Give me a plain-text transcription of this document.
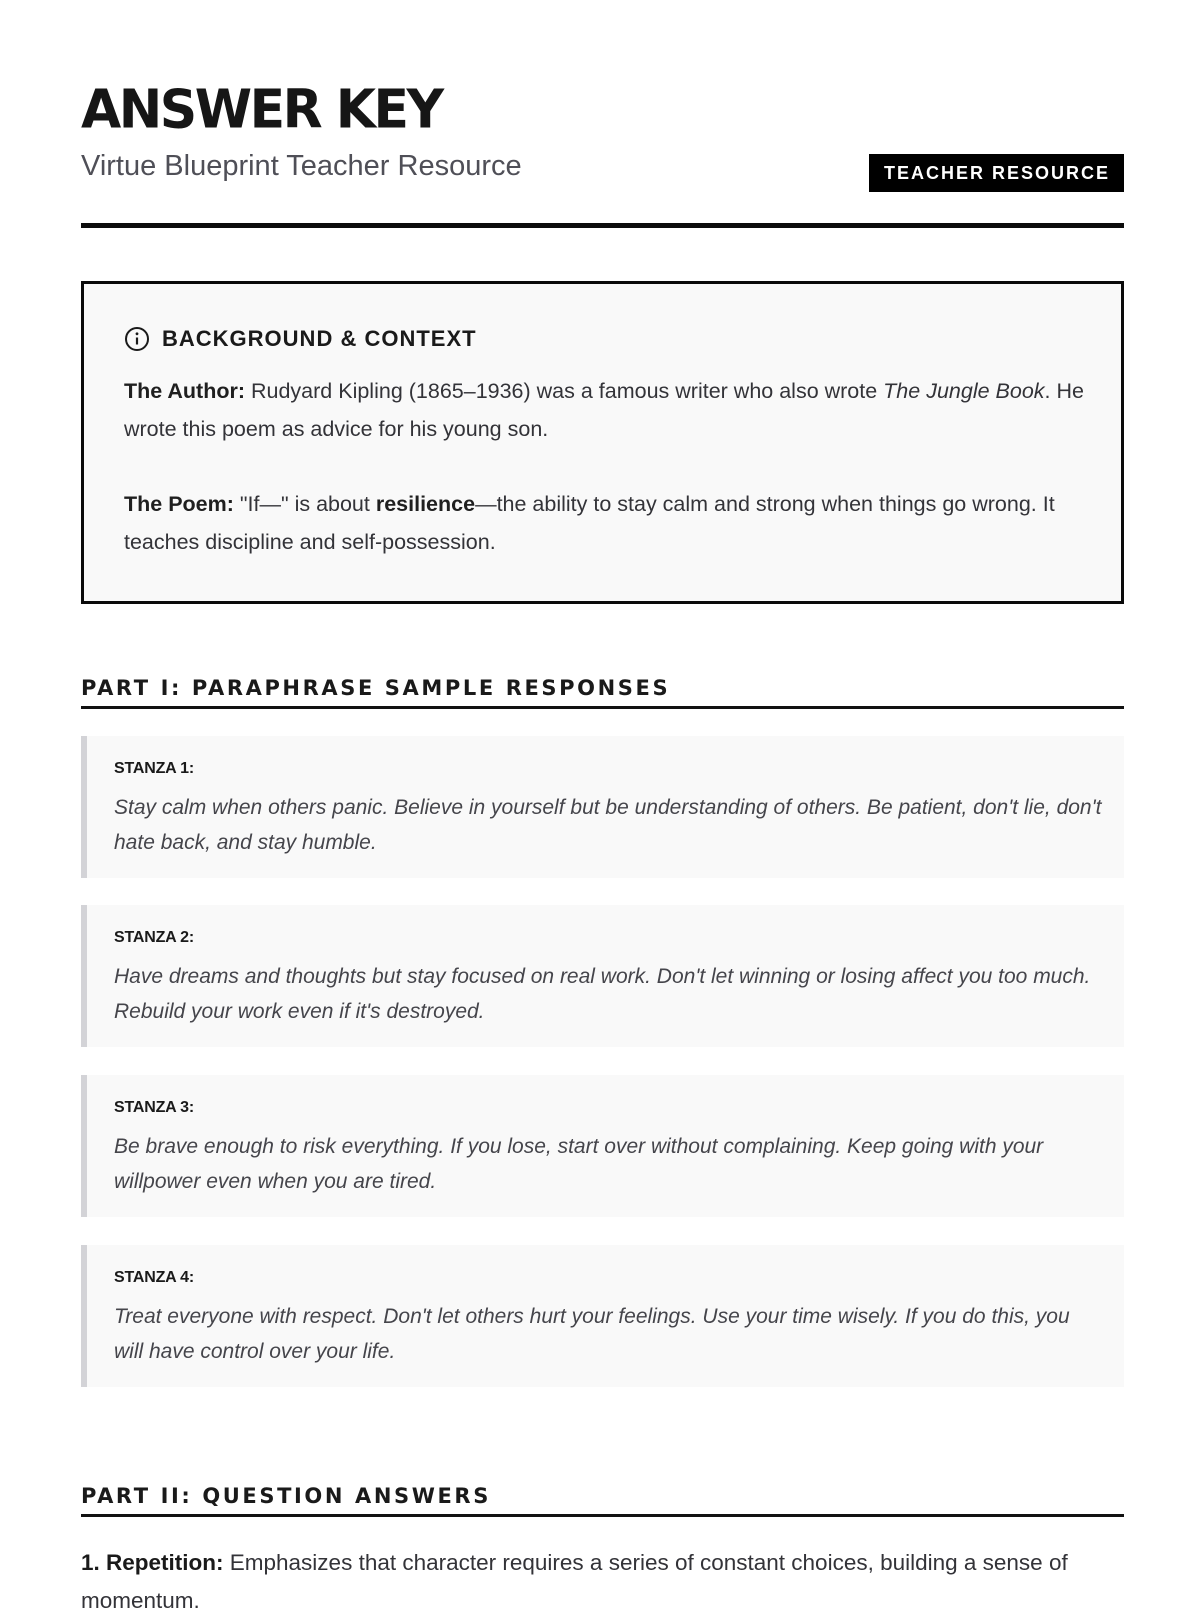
ANSWER KEY

Virtue Blueprint Teacher Resource	TEACHER RESOURCE
BACKGROUND & CONTEXT

The Author: Rudyard Kipling (1865–1936) was a famous writer who also wrote The Jungle Book. He wrote this poem as advice for his young son.

The Poem: "If—" is about resilience—the ability to stay calm and strong when things go wrong. It teaches discipline and self-possession.

PART I: PARAPHRASE SAMPLE RESPONSES
STANZA 1:

Stay calm when others panic. Believe in yourself but be understanding of others. Be patient, don't lie, don't hate back, and stay humble.

STANZA 2:

Have dreams and thoughts but stay focused on real work. Don't let winning or losing affect you too much. Rebuild your work even if it's destroyed.

STANZA 3:

Be brave enough to risk everything. If you lose, start over without complaining. Keep going with your willpower even when you are tired.

STANZA 4:

Treat everyone with respect. Don't let others hurt your feelings. Use your time wisely. If you do this, you will have control over your life.

PART II: QUESTION ANSWERS

1. Repetition: Emphasizes that character requires a series of constant choices, building a sense of momentum.
